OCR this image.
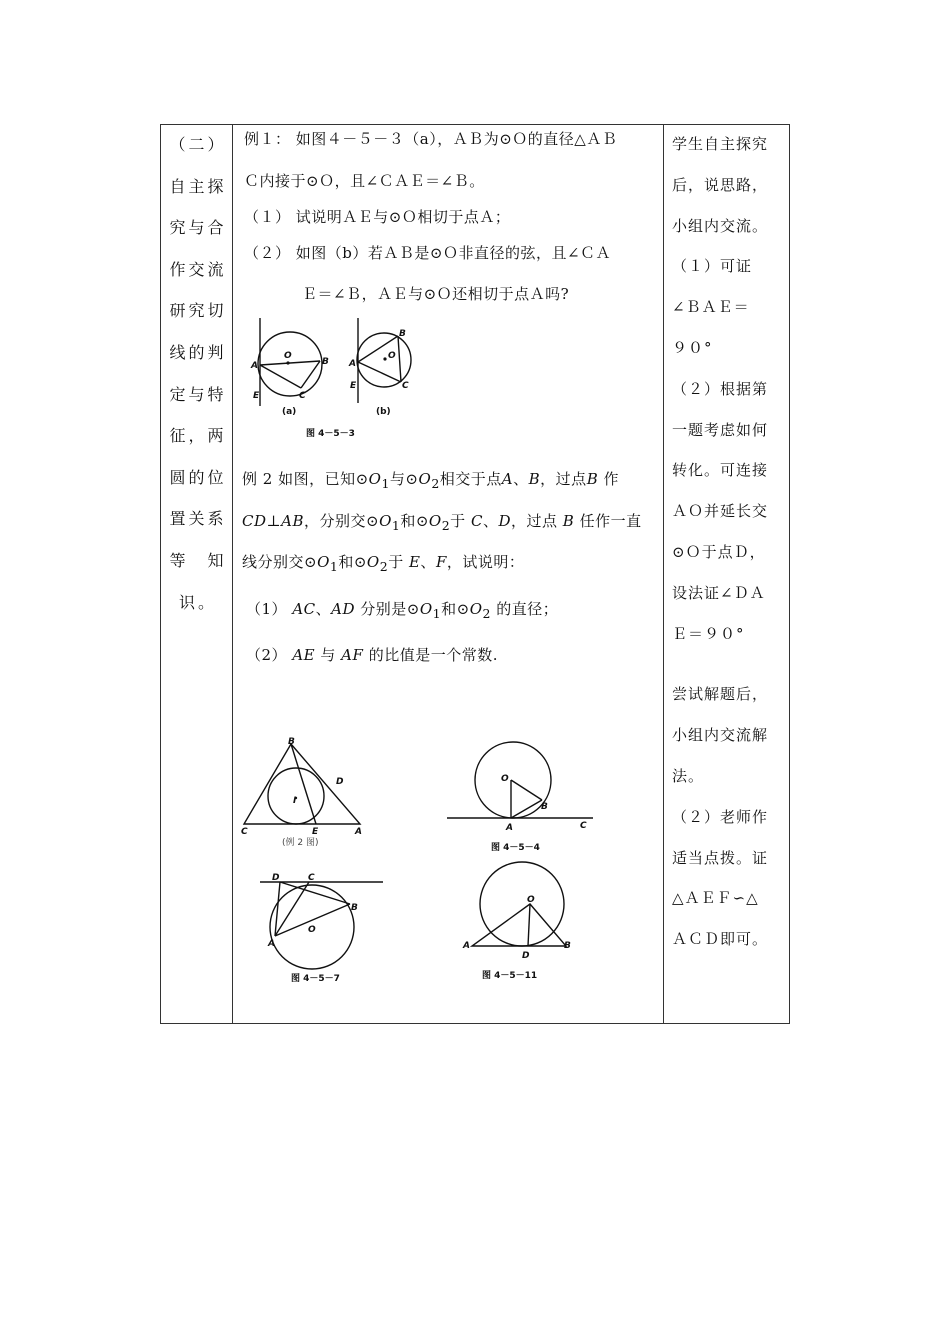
（二）
自主探
究与合
作交流
研究切
线的判
定与特
征，两
圆的位
置关系
等　知
识。
例１： 如图４－５－３（a），ＡＢ为⊙Ｏ的直径△ＡＢ
Ｃ内接于⊙Ｏ，且∠ＣＡＥ＝∠Ｂ。
（１） 试说明ＡＥ与⊙Ｏ相切于点Ａ；
（２） 如图（b）若ＡＢ是⊙Ｏ非直径的弦，且∠ＣＡ
Ｅ＝∠Ｂ，ＡＥ与⊙Ｏ还相切于点Ａ吗?
O
A	B
C
E
O
A
B
C
E
(a)	(b)
图 4－5－3
例 2 如图，已知$⊙O_1$与$⊙O_2$相交于点A、B，过点B 作
CD⊥AB，分别交$⊙O_1$和$⊙O_2$于 C、D，过点 B 任作一直
线分别交$⊙O_1$和$⊙O_2$于 E、F，试说明：
（1） AC、AD 分别是$⊙O_1$和$⊙O_2$ 的直径；
（2） AE 与 AF 的比值是一个常数.
B
D
I
C	E	A
(例 2 图)
O
B
A	C
图 4－5－4
D	C
B
A
O
图 4－5－7
O
A	B
D
图 4－5－11
学生自主探究
后，说思路，
小组内交流。
（１）可证
∠ＢＡＥ＝
９０°
（２）根据第
一题考虑如何
转化。可连接
ＡＯ并延长交
⊙Ｏ于点Ｄ，
设法证∠ＤＡ
Ｅ＝９０°
尝试解题后，
小组内交流解
法。
（２）老师作
适当点拨。证
△ＡＥＦ∽△
ＡＣＤ即可。
